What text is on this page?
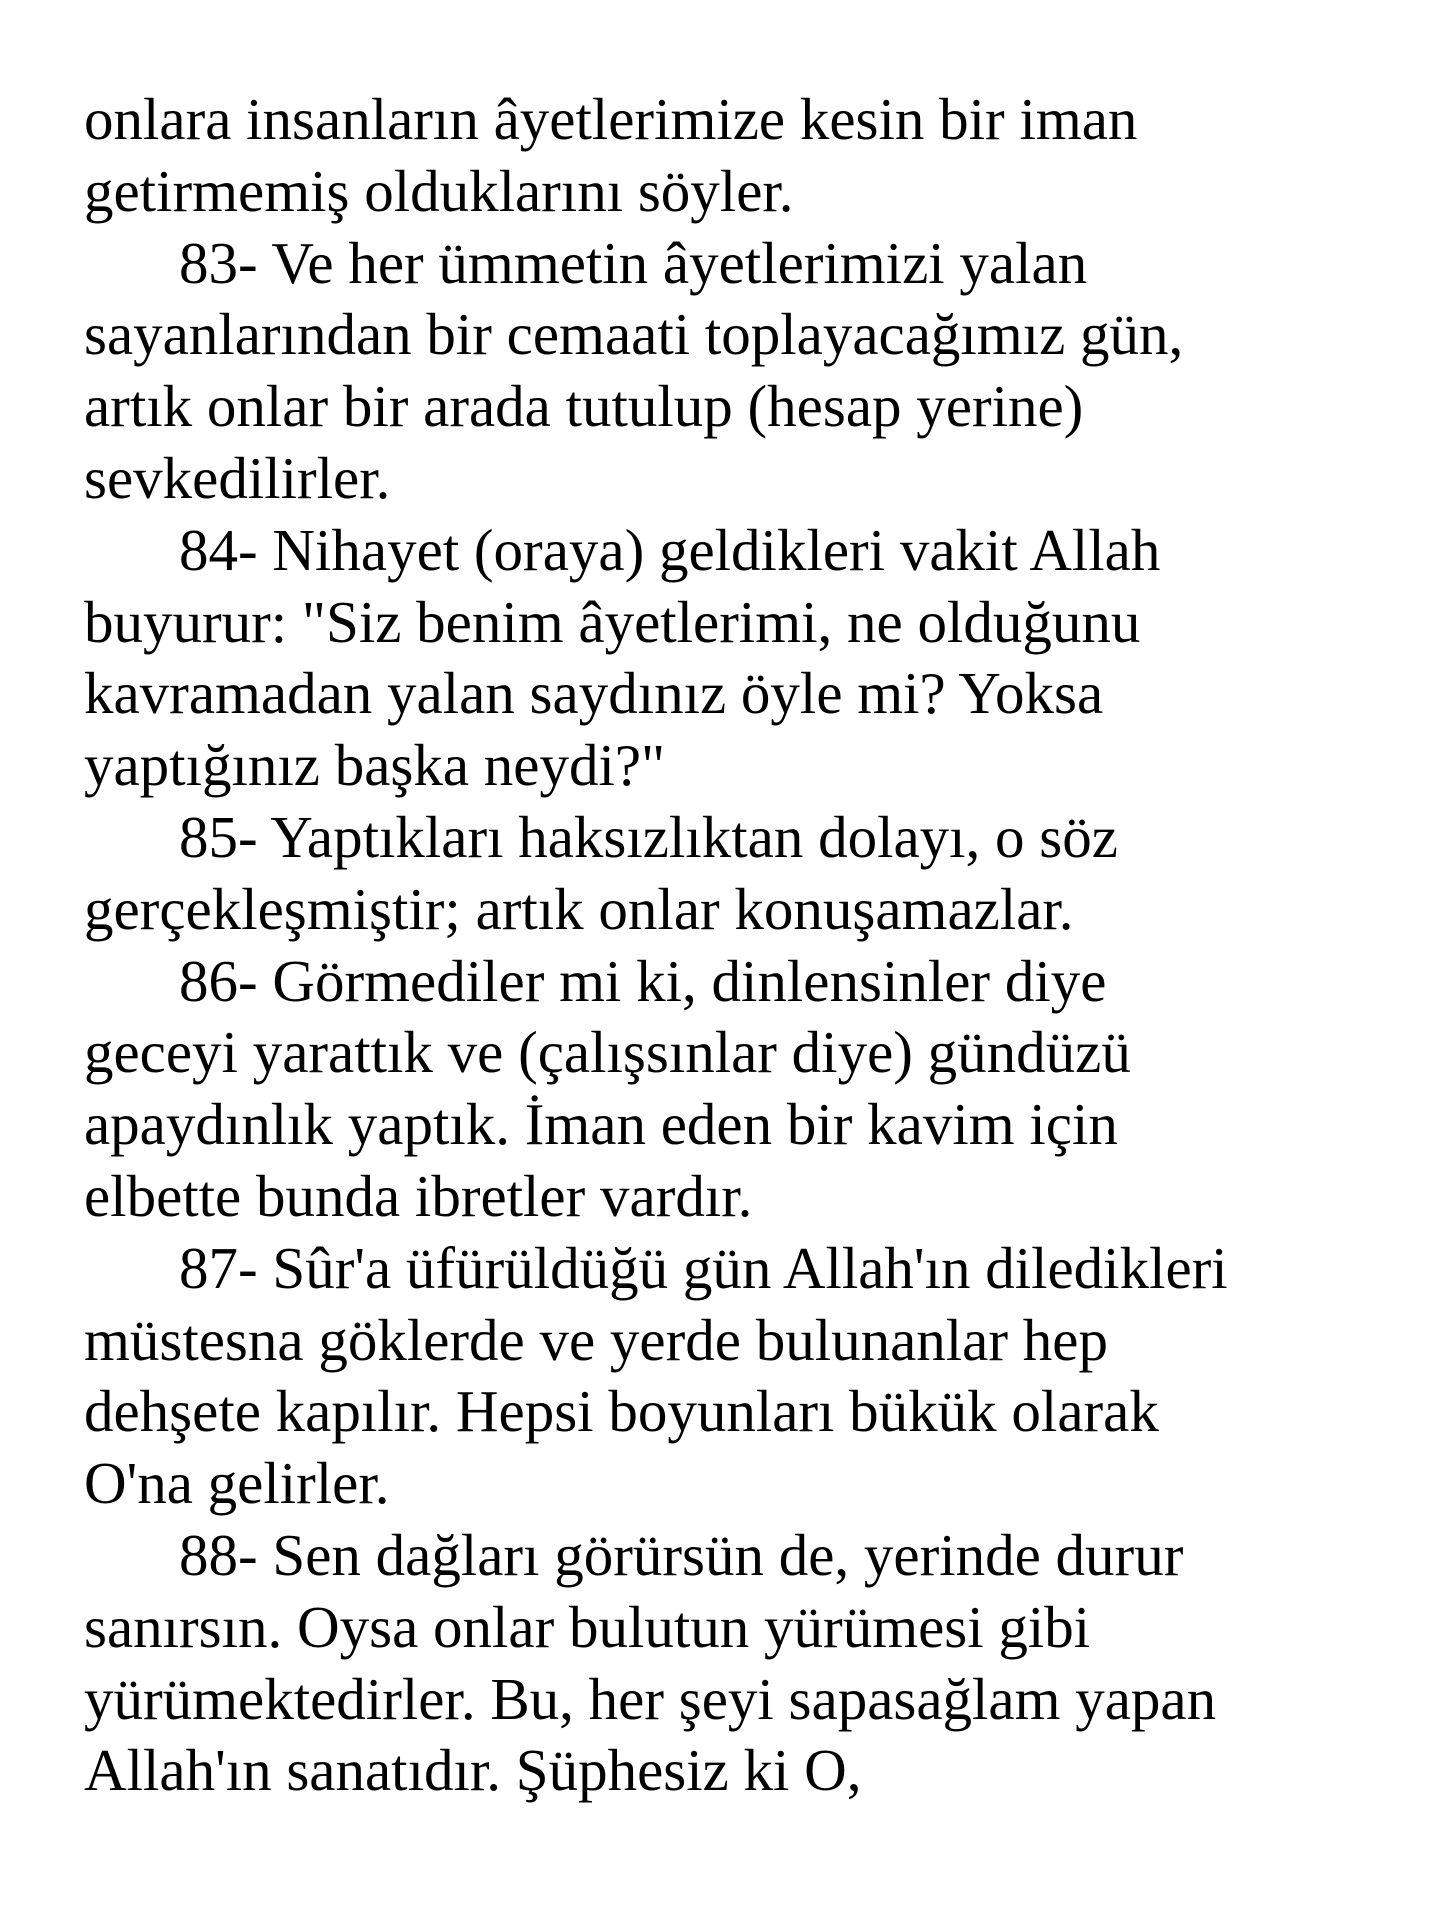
onlara insanların âyetlerimize kesin bir iman
getirmemiş olduklarını söyler.
83- Ve her ümmetin âyetlerimizi yalan
sayanlarından bir cemaati toplayacağımız gün,
artık onlar bir arada tutulup (hesap yerine)
sevkedilirler.
84- Nihayet (oraya) geldikleri vakit Allah
buyurur: "Siz benim âyetlerimi, ne olduğunu
kavramadan yalan saydınız öyle mi? Yoksa
yaptığınız başka neydi?"
85- Yaptıkları haksızlıktan dolayı, o söz
gerçekleşmiştir; artık onlar konuşamazlar.
86- Görmediler mi ki, dinlensinler diye
geceyi yarattık ve (çalışsınlar diye) gündüzü
apaydınlık yaptık. İman eden bir kavim için
elbette bunda ibretler vardır.
87- Sûr'a üfürüldüğü gün Allah'ın diledikleri
müstesna göklerde ve yerde bulunanlar hep
dehşete kapılır. Hepsi boyunları bükük olarak
O'na gelirler.
88- Sen dağları görürsün de, yerinde durur
sanırsın. Oysa onlar bulutun yürümesi gibi
yürümektedirler. Bu, her şeyi sapasağlam yapan
Allah'ın sanatıdır. Şüphesiz ki O,
